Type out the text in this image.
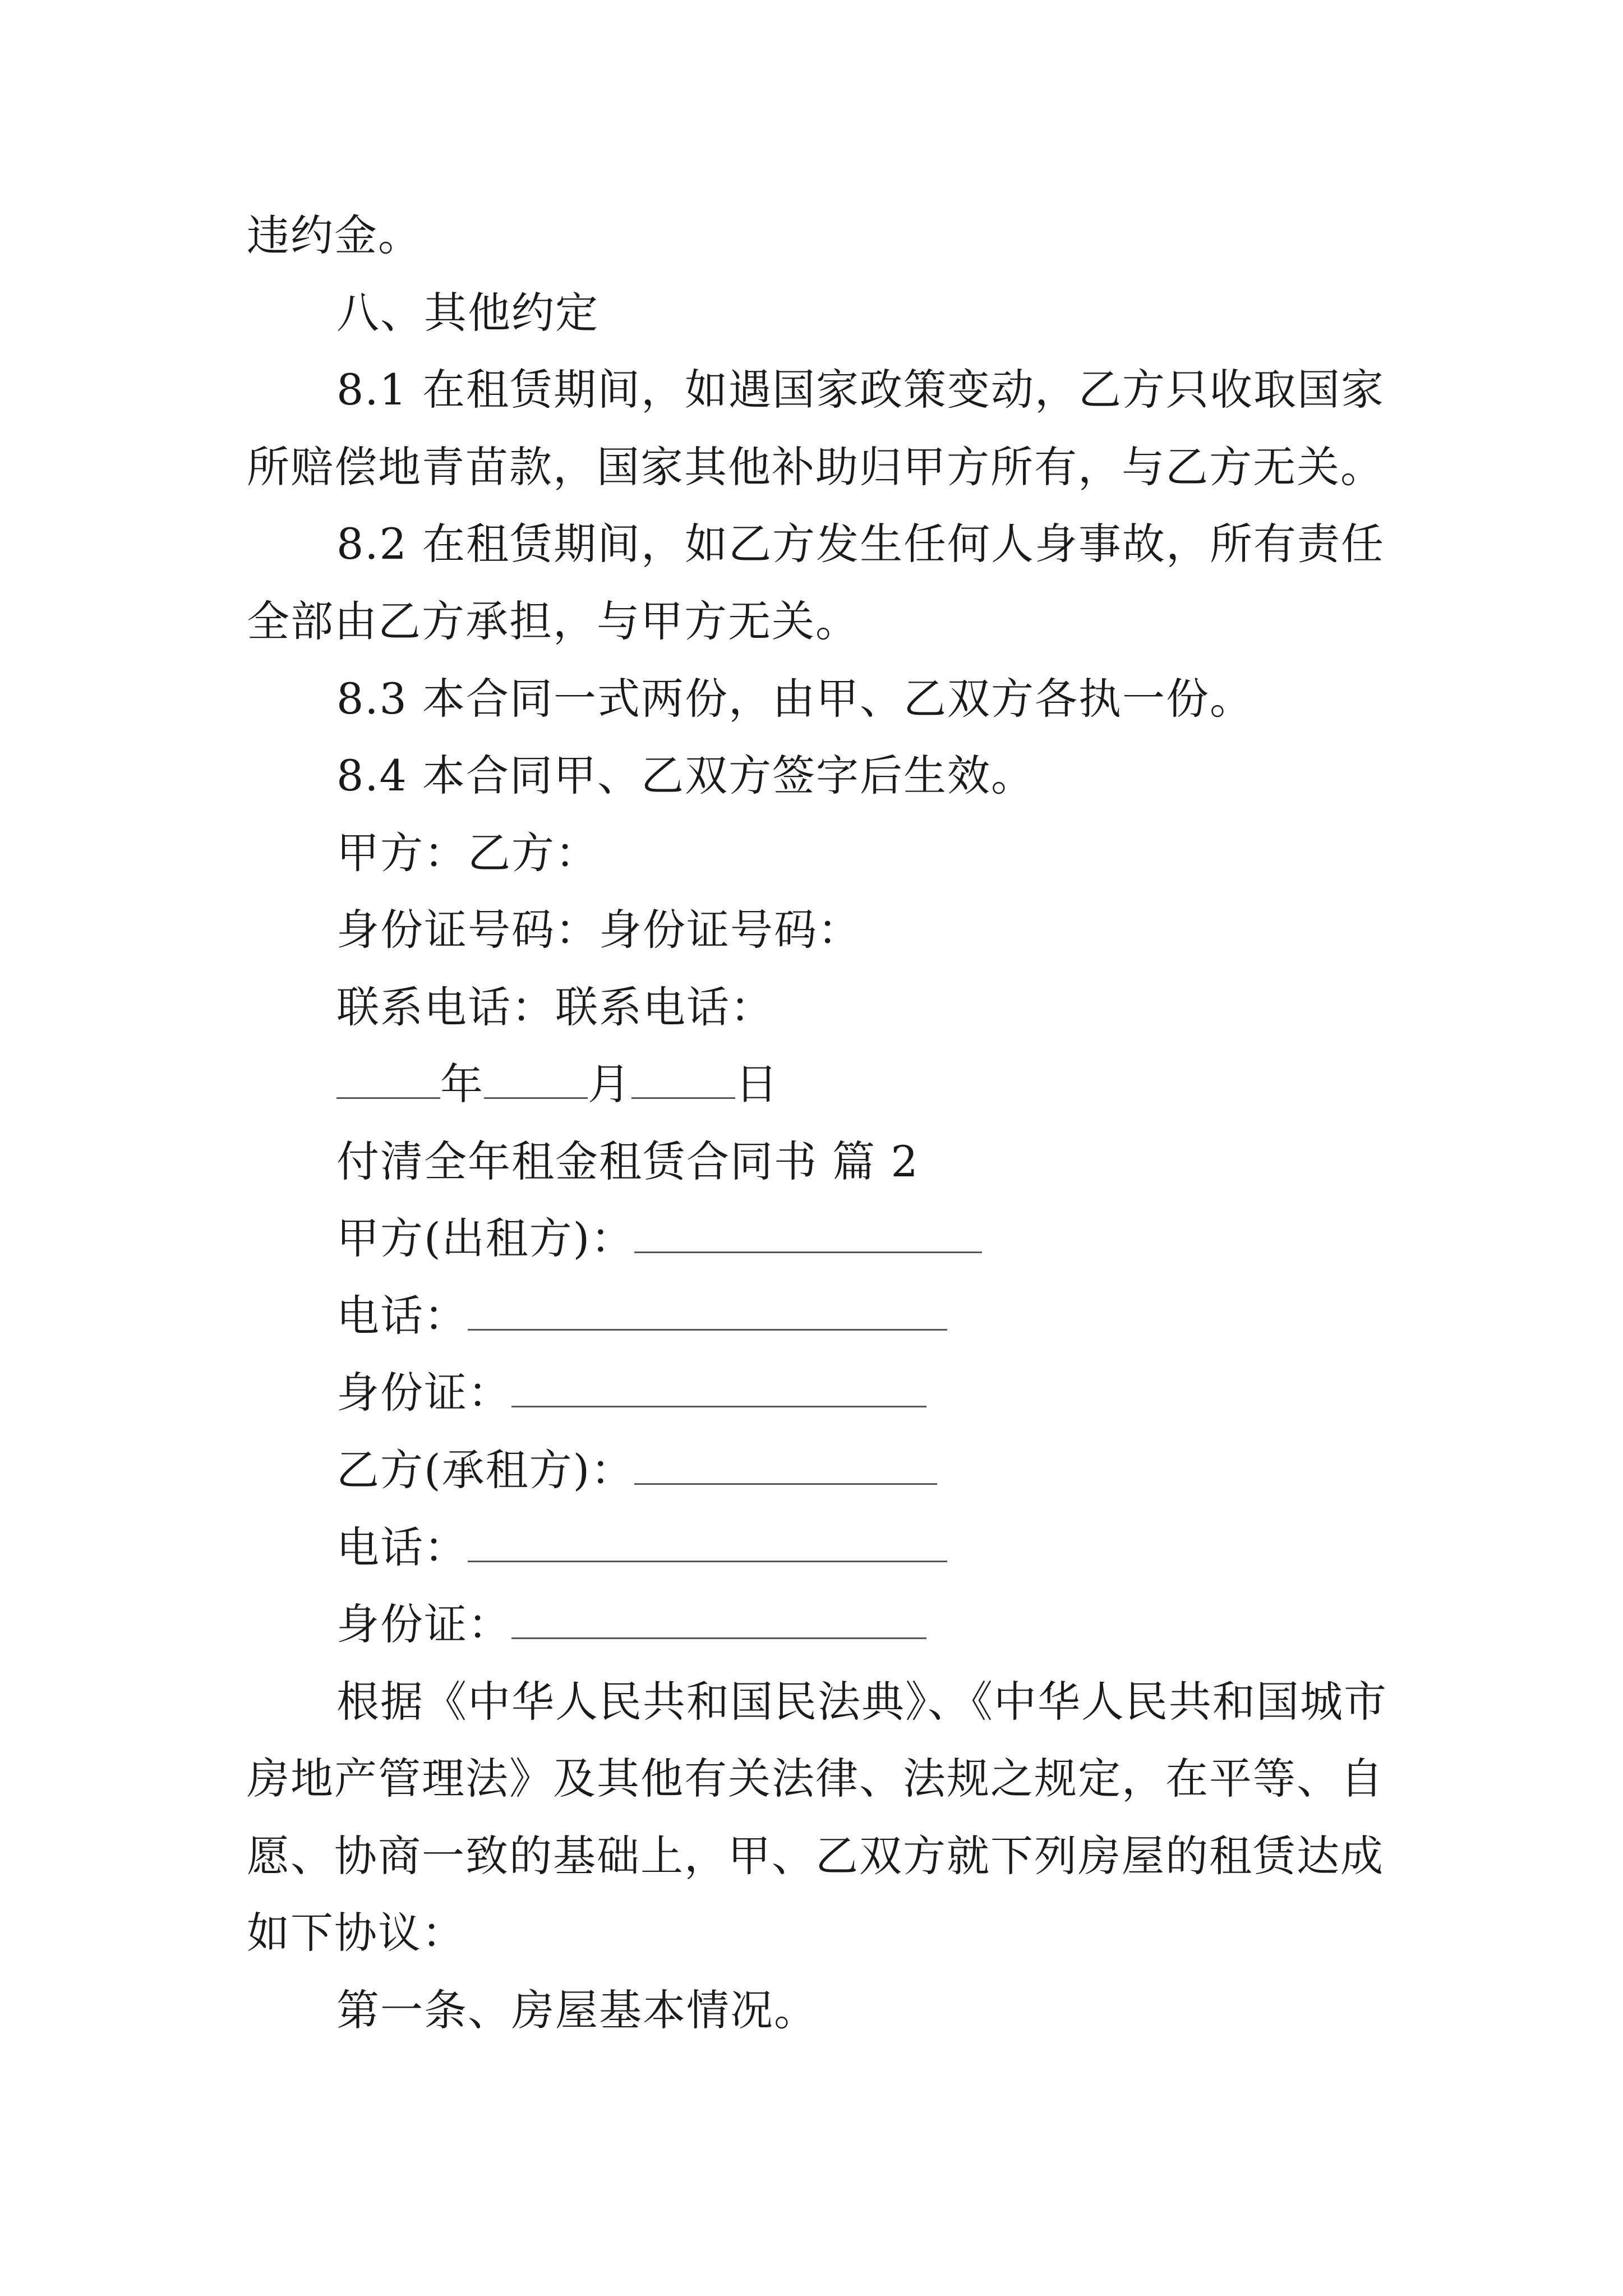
违约金。
八、其他约定
8.1 在租赁期间，如遇国家政策变动，乙方只收取国家
所赔偿地青苗款，国家其他补助归甲方所有，与乙方无关。
8.2 在租赁期间，如乙方发生任何人身事故，所有责任
全部由乙方承担，与甲方无关。
8.3 本合同一式两份，由甲、乙双方各执一份。
8.4 本合同甲、乙双方签字后生效。
甲方：乙方：
身份证号码：身份证号码：
联系电话：联系电话：
年 月 日
付清全年租金租赁合同书 篇 2
甲方(出租方)：
电话：
身份证：
乙方(承租方)：
电话：
身份证：
根据《中华人民共和国民法典》、《中华人民共和国城市
房地产管理法》及其他有关法律、法规之规定，在平等、自
愿、协商一致的基础上，甲、乙双方就下列房屋的租赁达成
如下协议：
第一条、房屋基本情况。
